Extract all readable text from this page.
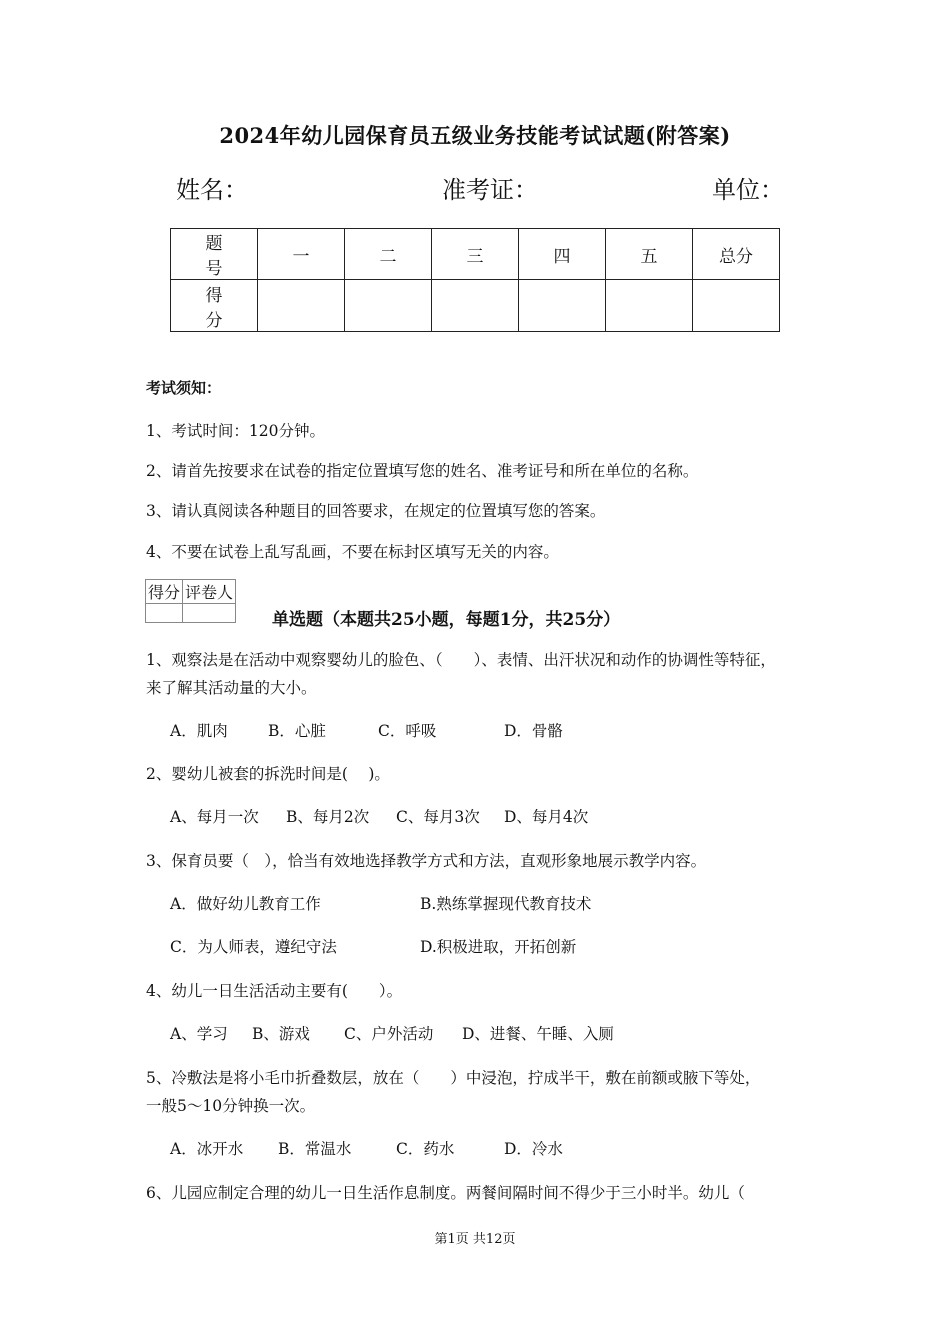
2024年幼儿园保育员五级业务技能考试试题(附答案)
姓名：	准考证：	单位：
题 号	一	二	三	四	五	总分
得 分						
考试须知：
1、考试时间：120分钟。
2、请首先按要求在试卷的指定位置填写您的姓名、准考证号和所在单位的名称。
3、请认真阅读各种题目的回答要求，在规定的位置填写您的答案。
4、不要在试卷上乱写乱画，不要在标封区填写无关的内容。
得分	评卷人

单选题（本题共25小题，每题1分，共25分）
1、观察法是在活动中观察婴幼儿的脸色、（　　）、表情、出汗状况和动作的协调性等特征，
来了解其活动量的大小。
A．肌肉	B．心脏	C．呼吸	D．骨骼
2、婴幼儿被套的拆洗时间是(　 )。
A、每月一次 B、每月2次 C、每月3次 D、每月4次
3、保育员要（　），恰当有效地选择教学方式和方法，直观形象地展示教学内容。
A．做好幼儿教育工作	B.熟练掌握现代教育技术
C．为人师表，遵纪守法	D.积极进取，开拓创新
4、幼儿一日生活活动主要有(　　）。
A、学习 B、游戏 C、户外活动 D、进餐、午睡、入厕
5、冷敷法是将小毛巾折叠数层，放在（　　）中浸泡，拧成半干，敷在前额或腋下等处，
一般5～10分钟换一次。
A．冰开水 B．常温水	C．药水	D．冷水
6、儿园应制定合理的幼儿一日生活作息制度。两餐间隔时间不得少于三小时半。幼儿（
第1页 共12页
